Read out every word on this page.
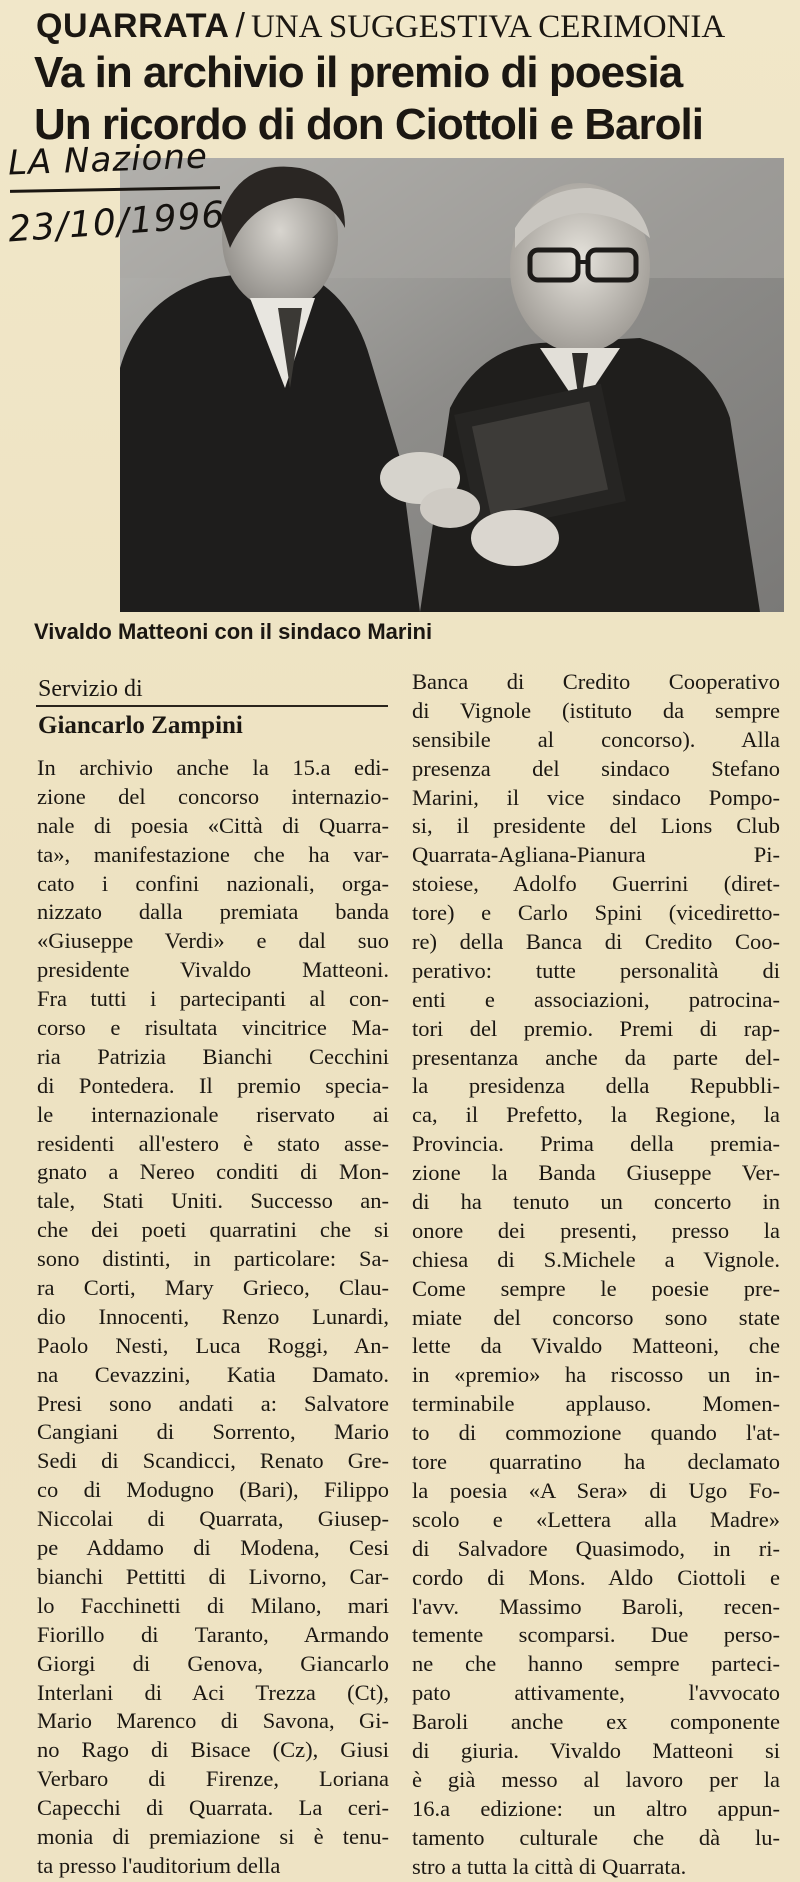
QUARRATA / UNA SUGGESTIVA CERIMONIA
Va in archivio il premio di poesia
Un ricordo di don Ciottoli e Baroli
LA Nazione
23/10/1996
Vivaldo Matteoni con il sindaco Marini
Servizio di
Giancarlo Zampini
In archivio anche la 15.a edi-
zione del concorso internazio-
nale di poesia «Città di Quarra-
ta», manifestazione che ha var-
cato i confini nazionali, orga-
nizzato dalla premiata banda
«Giuseppe Verdi» e dal suo
presidente Vivaldo Matteoni.
Fra tutti i partecipanti al con-
corso e risultata vincitrice Ma-
ria Patrizia Bianchi Cecchini
di Pontedera. Il premio specia-
le internazionale riservato ai
residenti all'estero è stato asse-
gnato a Nereo conditi di Mon-
tale, Stati Uniti. Successo an-
che dei poeti quarratini che si
sono distinti, in particolare: Sa-
ra Corti, Mary Grieco, Clau-
dio Innocenti, Renzo Lunardi,
Paolo Nesti, Luca Roggi, An-
na Cevazzini, Katia Damato.
Presi sono andati a: Salvatore
Cangiani di Sorrento, Mario
Sedi di Scandicci, Renato Gre-
co di Modugno (Bari), Filippo
Niccolai di Quarrata, Giusep-
pe Addamo di Modena, Cesi
bianchi Pettitti di Livorno, Car-
lo Facchinetti di Milano, mari
Fiorillo di Taranto, Armando
Giorgi di Genova, Giancarlo
Interlani di Aci Trezza (Ct),
Mario Marenco di Savona, Gi-
no Rago di Bisace (Cz), Giusi
Verbaro di Firenze, Loriana
Capecchi di Quarrata. La ceri-
monia di premiazione si è tenu-
ta presso l'auditorium della
Banca di Credito Cooperativo
di Vignole (istituto da sempre
sensibile al concorso). Alla
presenza del sindaco Stefano
Marini, il vice sindaco Pompo-
si, il presidente del Lions Club
Quarrata-Agliana-Pianura Pi-
stoiese, Adolfo Guerrini (diret-
tore) e Carlo Spini (vicediretto-
re) della Banca di Credito Coo-
perativo: tutte personalità di
enti e associazioni, patrocina-
tori del premio. Premi di rap-
presentanza anche da parte del-
la presidenza della Repubbli-
ca, il Prefetto, la Regione, la
Provincia. Prima della premia-
zione la Banda Giuseppe Ver-
di ha tenuto un concerto in
onore dei presenti, presso la
chiesa di S.Michele a Vignole.
Come sempre le poesie pre-
miate del concorso sono state
lette da Vivaldo Matteoni, che
in «premio» ha riscosso un in-
terminabile applauso. Momen-
to di commozione quando l'at-
tore quarratino ha declamato
la poesia «A Sera» di Ugo Fo-
scolo e «Lettera alla Madre»
di Salvadore Quasimodo, in ri-
cordo di Mons. Aldo Ciottoli e
l'avv. Massimo Baroli, recen-
temente scomparsi. Due perso-
ne che hanno sempre parteci-
pato attivamente, l'avvocato
Baroli anche ex componente
di giuria. Vivaldo Matteoni si
è già messo al lavoro per la
16.a edizione: un altro appun-
tamento culturale che dà lu-
stro a tutta la città di Quarrata.
